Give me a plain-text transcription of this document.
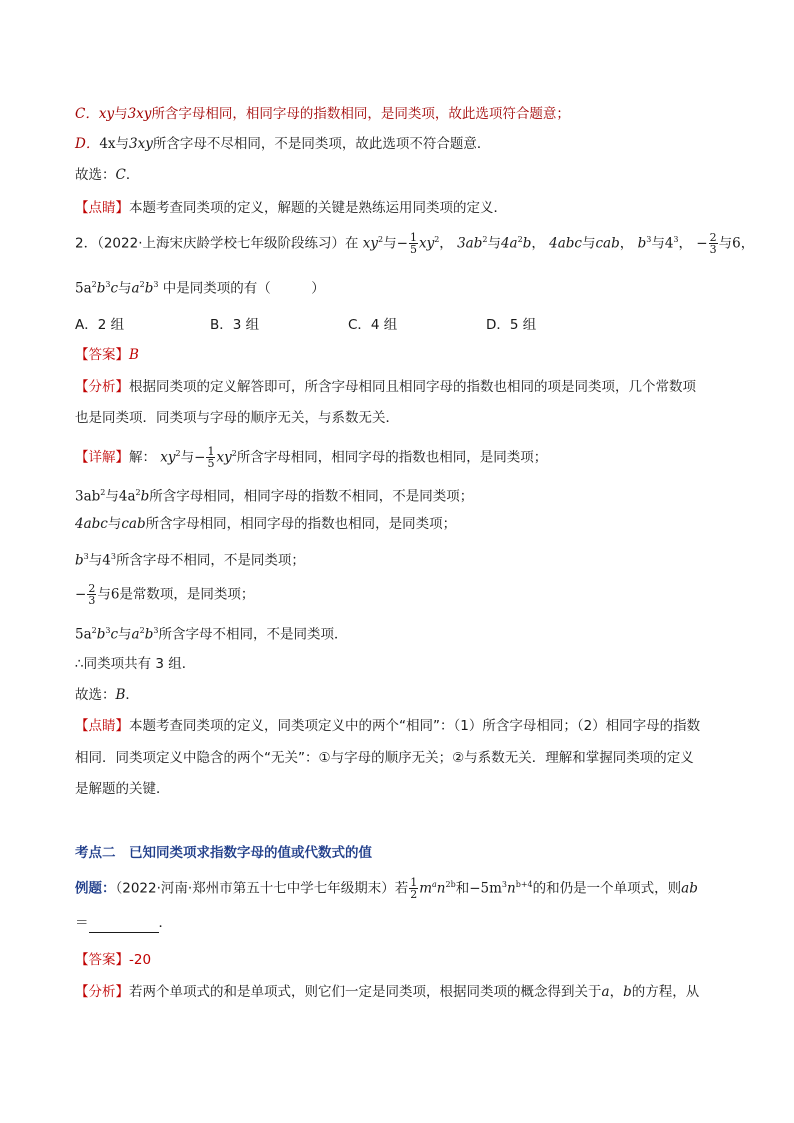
C．xy与3xy所含字母相同，相同字母的指数相同，是同类项，故此选项符合题意；
D．4x与3xy所含字母不尽相同，不是同类项，故此选项不符合题意．
故选：C．
【点睛】本题考查同类项的定义，解题的关键是熟练运用同类项的定义．
2．（2022·上海宋庆龄学校七年级阶段练习）在 $xy^2$与− $\frac{1}{5} xy^2$， $3ab^2$与$4a^2b$， 4abc与cab， $b^3$与$4^3$， − $\frac{2}{3}$ 与6，
$5a^2b^3c$与$a^2b^3$ 中是同类项的有（　　　）
A．2 组	B．3 组	C．4 组	D．5 组
【答案】B
【分析】根据同类项的定义解答即可，所含字母相同且相同字母的指数也相同的项是同类项，几个常数项
也是同类项．同类项与字母的顺序无关，与系数无关．
【详解】解： $xy^2$与− $\frac{1}{5} xy^2$所含字母相同，相同字母的指数也相同，是同类项；
$3ab^2$与$4a^2b$所含字母相同，相同字母的指数不相同，不是同类项；
4abc与cab所含字母相同，相同字母的指数也相同，是同类项；
$b^3$与$4^3$所含字母不相同，不是同类项；
− $\frac{2}{3}$ 与6是常数项，是同类项；
$5a^2b^3c$与$a^2b^3$所含字母不相同，不是同类项．
∴同类项共有 3 组．
故选：B．
【点睛】本题考查同类项的定义，同类项定义中的两个“相同”：（1）所含字母相同；（2）相同字母的指数
相同．同类项定义中隐含的两个“无关”：①与字母的顺序无关；②与系数无关．理解和掌握同类项的定义
是解题的关键．
考点二　已知同类项求指数字母的值或代数式的值
例题：（2022·河南·郑州市第五十七中学七年级期末）若 $\frac{1}{2} m^an^{2b}$和$-5m^3n^{b+4}$的和仍是一个单项式，则ab
＝	．
【答案】-20
【分析】若两个单项式的和是单项式，则它们一定是同类项，根据同类项的概念得到关于a，b的方程，从
